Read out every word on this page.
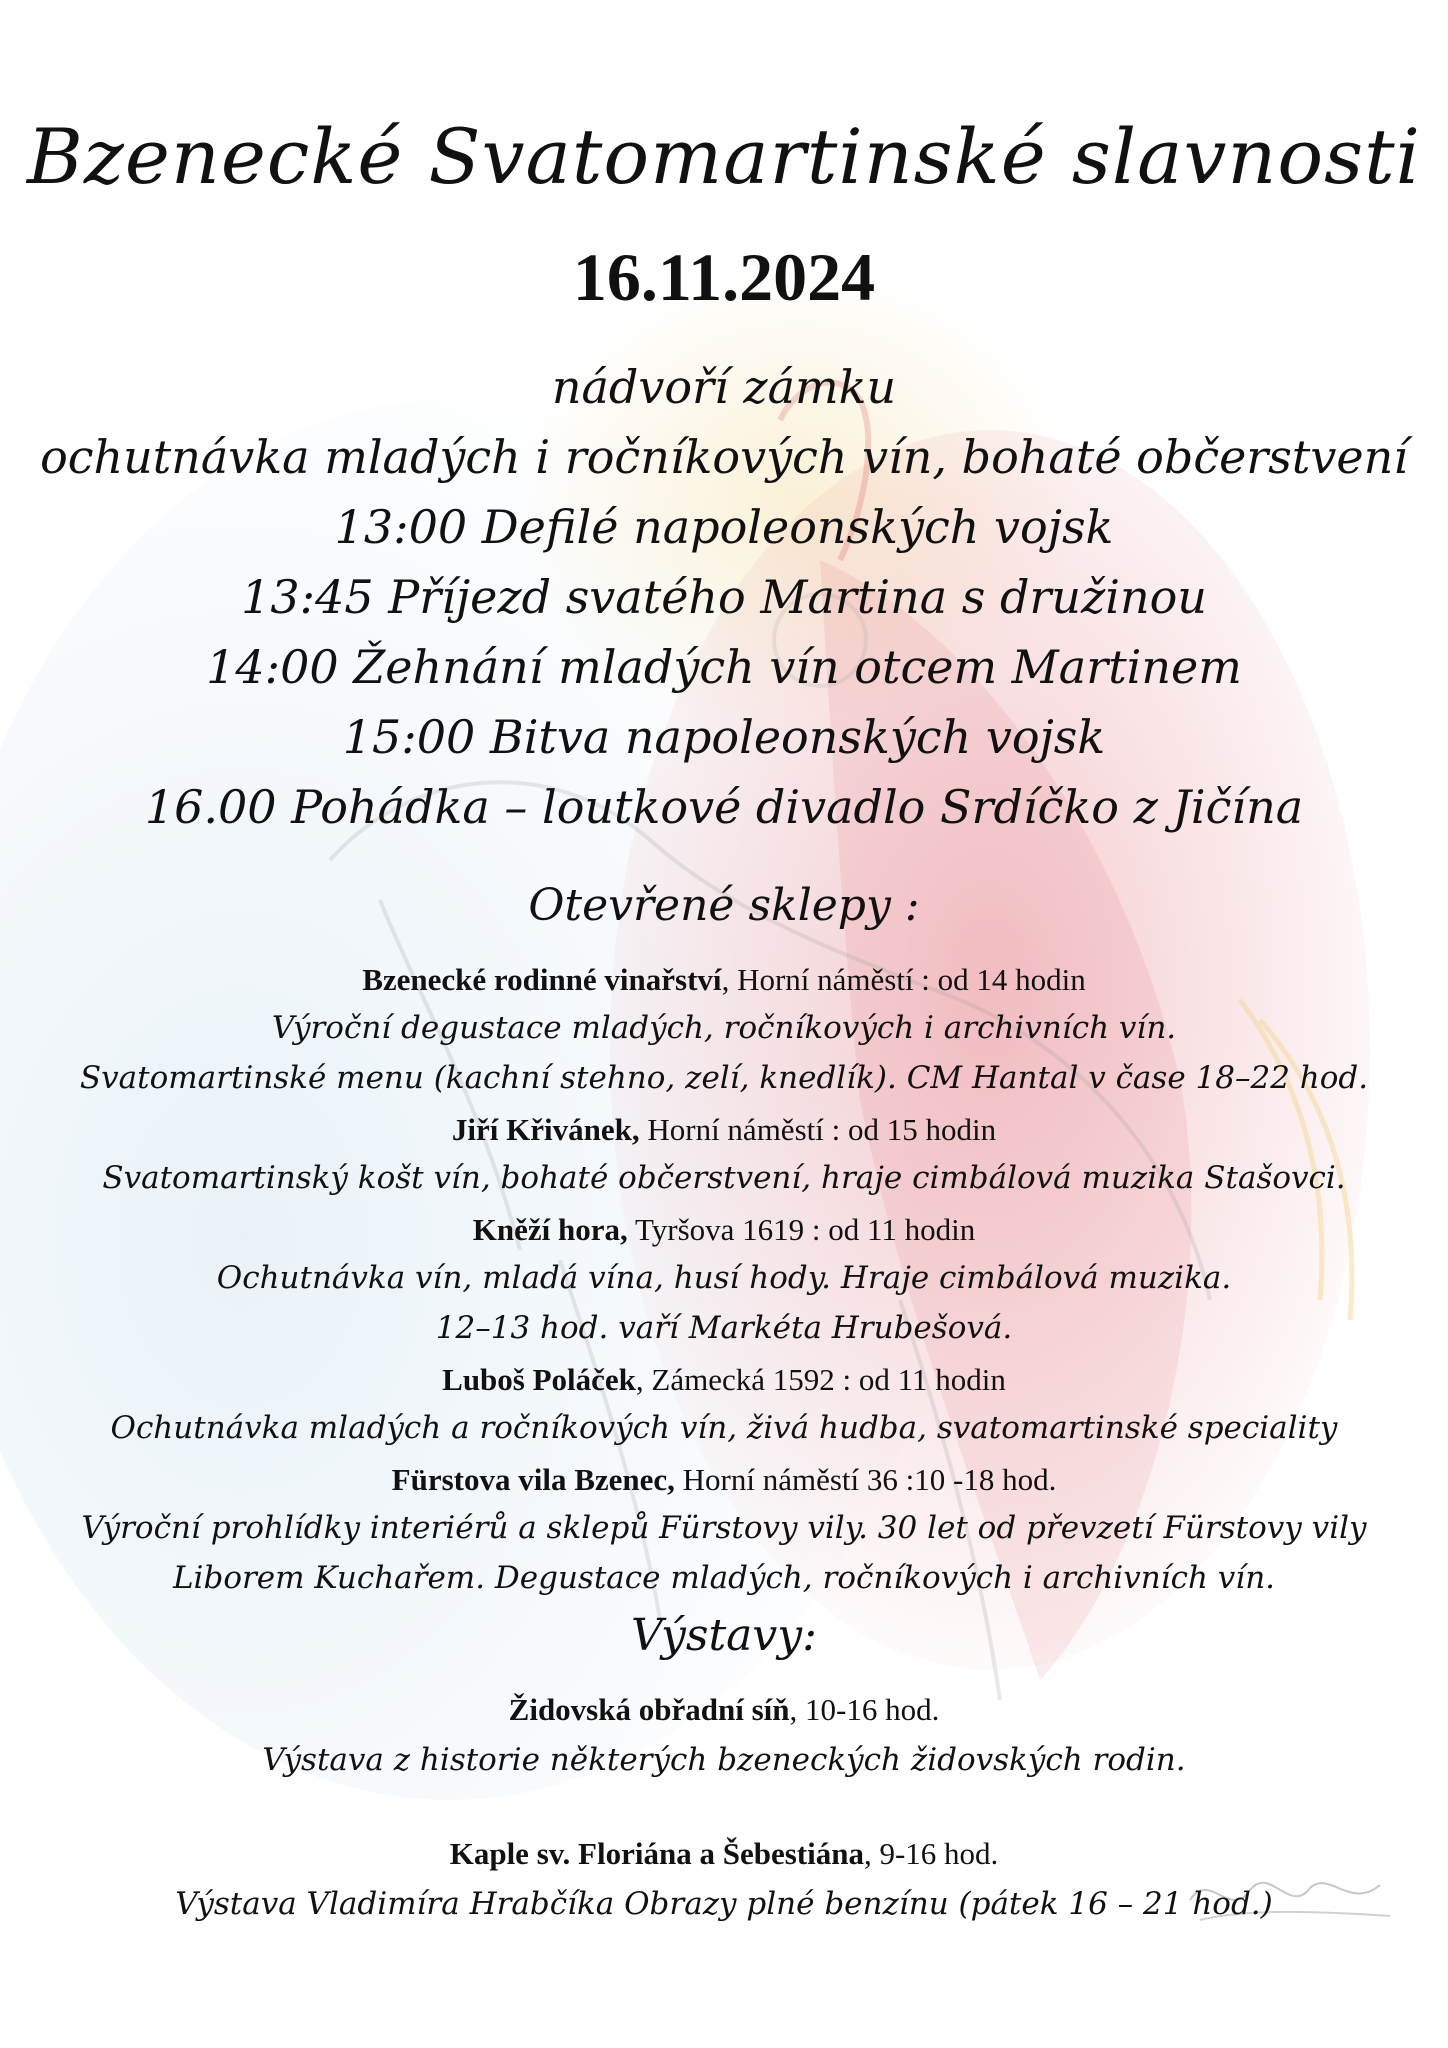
Bzenecké Svatomartinské slavnosti
16.11.2024
nádvoří zámku
ochutnávka mladých i ročníkových vín, bohaté občerstvení
13:00 Defilé napoleonských vojsk
13:45 Příjezd svatého Martina s družinou
14:00 Žehnání mladých vín otcem Martinem
15:00 Bitva napoleonských vojsk
16.00 Pohádka – loutkové divadlo Srdíčko z Jičína
Otevřené sklepy :
Bzenecké rodinné vinařství, Horní náměstí : od 14 hodin
Výroční degustace mladých, ročníkových i archivních vín.
Svatomartinské menu (kachní stehno, zelí, knedlík). CM Hantal v čase 18–22 hod.
Jiří Křivánek, Horní náměstí : od 15 hodin
Svatomartinský košt vín, bohaté občerstvení, hraje cimbálová muzika Stašovci.
Kněží hora, Tyršova 1619 : od 11 hodin
Ochutnávka vín, mladá vína, husí hody. Hraje cimbálová muzika.
12–13 hod. vaří Markéta Hrubešová.
Luboš Poláček, Zámecká 1592 : od 11 hodin
Ochutnávka mladých a ročníkových vín, živá hudba, svatomartinské speciality
Fürstova vila Bzenec, Horní náměstí 36 :10 -18 hod.
Výroční prohlídky interiérů a sklepů Fürstovy vily. 30 let od převzetí Fürstovy vily
Liborem Kuchařem. Degustace mladých, ročníkových i archivních vín.
Výstavy:
Židovská obřadní síň, 10-16 hod.
Výstava z historie některých bzeneckých židovských rodin.
Kaple sv. Floriána a Šebestiána, 9-16 hod.
Výstava Vladimíra Hrabčíka Obrazy plné benzínu (pátek 16 – 21 hod.)
